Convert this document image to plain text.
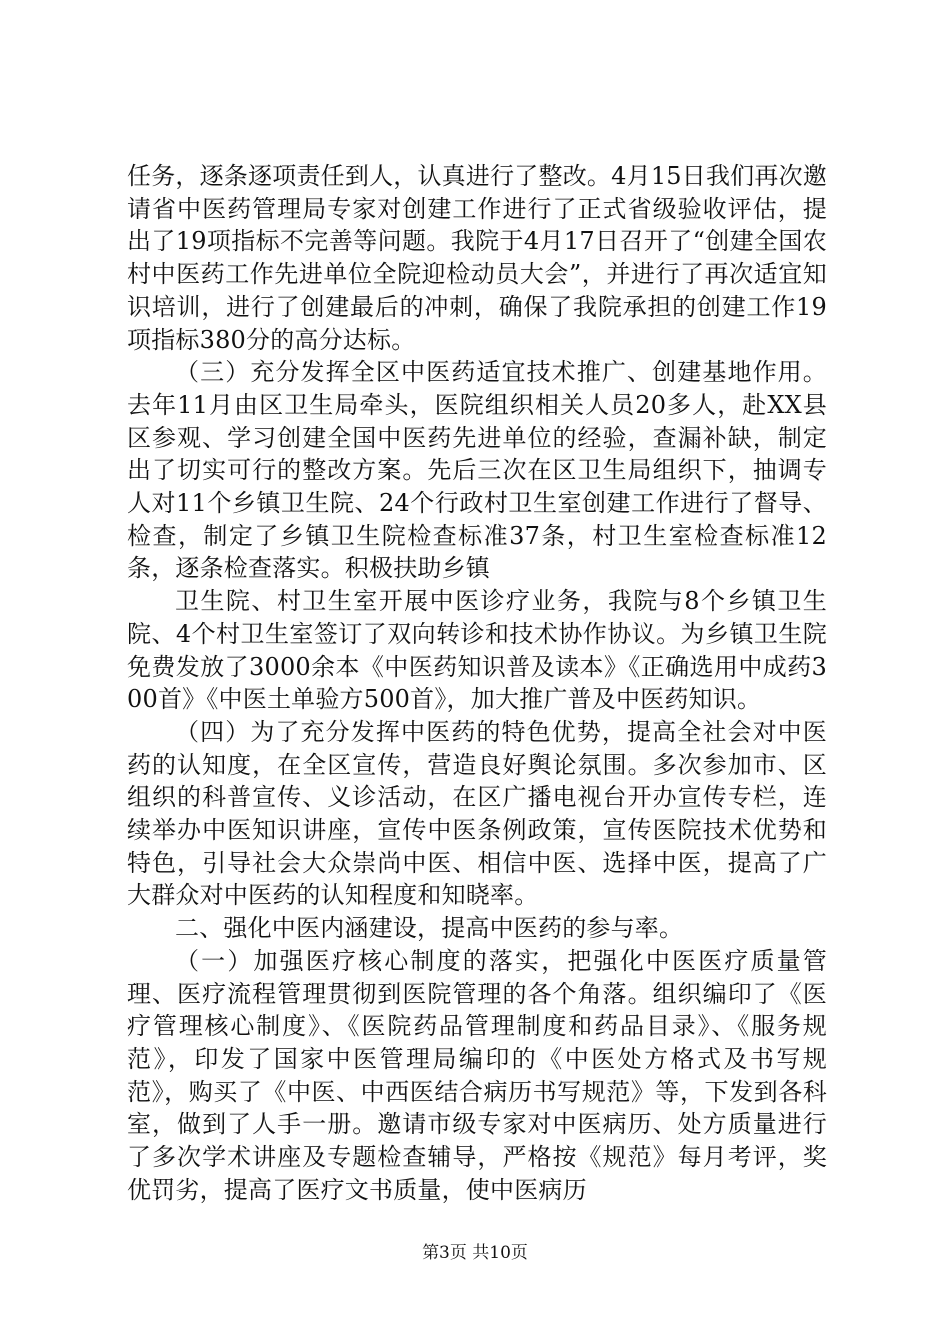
任务，逐条逐项责任到人，认真进行了整改。4月15日我们再次邀请省中医药管理局专家对创建工作进行了正式省级验收评估，提出了19项指标不完善等问题。我院于4月17日召开了“创建全国农村中医药工作先进单位全院迎检动员大会”，并进行了再次适宜知识培训，进行了创建最后的冲刺，确保了我院承担的创建工作19项指标380分的高分达标。

（三）充分发挥全区中医药适宜技术推广、创建基地作用。去年11月由区卫生局牵头，医院组织相关人员20多人，赴XX县区参观、学习创建全国中医药先进单位的经验，查漏补缺，制定出了切实可行的整改方案。先后三次在区卫生局组织下，抽调专人对11个乡镇卫生院、24个行政村卫生室创建工作进行了督导、检查，制定了乡镇卫生院检查标准37条，村卫生室检查标准12条，逐条检查落实。积极扶助乡镇

卫生院、村卫生室开展中医诊疗业务，我院与8个乡镇卫生院、4个村卫生室签订了双向转诊和技术协作协议。为乡镇卫生院免费发放了3000余本《中医药知识普及读本》《正确选用中成药300首》《中医土单验方500首》，加大推广普及中医药知识。

（四）为了充分发挥中医药的特色优势，提高全社会对中医药的认知度，在全区宣传，营造良好舆论氛围。多次参加市、区组织的科普宣传、义诊活动，在区广播电视台开办宣传专栏，连续举办中医知识讲座，宣传中医条例政策，宣传医院技术优势和特色，引导社会大众崇尚中医、相信中医、选择中医，提高了广大群众对中医药的认知程度和知晓率。

二、强化中医内涵建设，提高中医药的参与率。

（一）加强医疗核心制度的落实，把强化中医医疗质量管理、医疗流程管理贯彻到医院管理的各个角落。组织编印了《医疗管理核心制度》、《医院药品管理制度和药品目录》、《服务规范》，印发了国家中医管理局编印的《中医处方格式及书写规范》，购买了《中医、中西医结合病历书写规范》等，下发到各科室，做到了人手一册。邀请市级专家对中医病历、处方质量进行了多次学术讲座及专题检查辅导，严格按《规范》每月考评，奖优罚劣，提高了医疗文书质量，使中医病历

第3页 共10页
